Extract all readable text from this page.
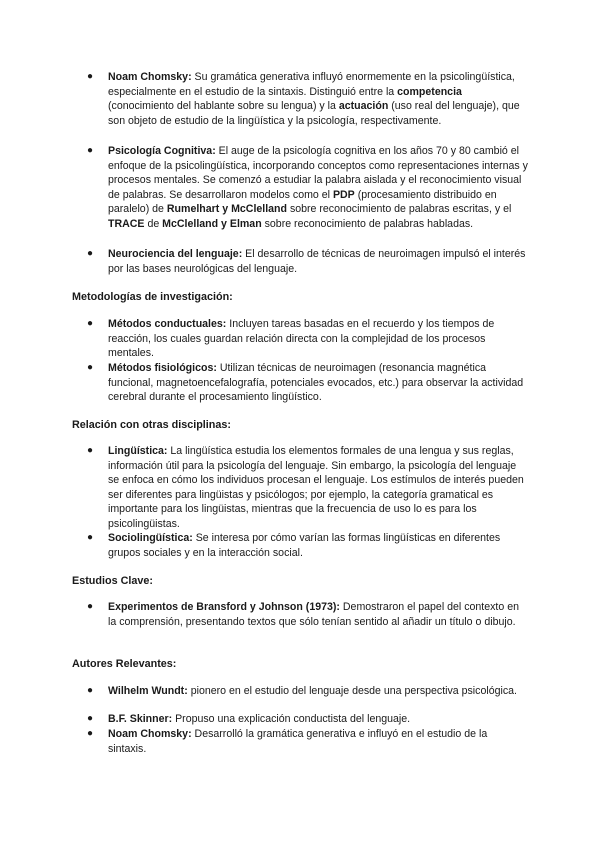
● Noam Chomsky: Su gramática generativa influyó enormemente en la psicolingüística, especialmente en el estudio de la sintaxis. Distinguió entre la competencia (conocimiento del hablante sobre su lengua) y la actuación (uso real del lenguaje), que son objeto de estudio de la lingüística y la psicología, respectivamente.
● Psicología Cognitiva: El auge de la psicología cognitiva en los años 70 y 80 cambió el enfoque de la psicolingüística, incorporando conceptos como representaciones internas y procesos mentales. Se comenzó a estudiar la palabra aislada y el reconocimiento visual de palabras. Se desarrollaron modelos como el PDP (procesamiento distribuido en paralelo) de Rumelhart y McClelland sobre reconocimiento de palabras escritas, y el TRACE de McClelland y Elman sobre reconocimiento de palabras habladas.
● Neurociencia del lenguaje: El desarrollo de técnicas de neuroimagen impulsó el interés por las bases neurológicas del lenguaje.
Metodologías de investigación:
● Métodos conductuales: Incluyen tareas basadas en el recuerdo y los tiempos de reacción, los cuales guardan relación directa con la complejidad de los procesos mentales.
● Métodos fisiológicos: Utilizan técnicas de neuroimagen (resonancia magnética funcional, magnetoencefalografía, potenciales evocados, etc.) para observar la actividad cerebral durante el procesamiento lingüístico.
Relación con otras disciplinas:
● Lingüística: La lingüística estudia los elementos formales de una lengua y sus reglas, información útil para la psicología del lenguaje. Sin embargo, la psicología del lenguaje se enfoca en cómo los individuos procesan el lenguaje. Los estímulos de interés pueden ser diferentes para lingüistas y psicólogos; por ejemplo, la categoría gramatical es importante para los lingüistas, mientras que la frecuencia de uso lo es para los psicolingüistas.
● Sociolingüística: Se interesa por cómo varían las formas lingüísticas en diferentes grupos sociales y en la interacción social.
Estudios Clave:
● Experimentos de Bransford y Johnson (1973): Demostraron el papel del contexto en la comprensión, presentando textos que sólo tenían sentido al añadir un título o dibujo.
Autores Relevantes:
● Wilhelm Wundt: pionero en el estudio del lenguaje desde una perspectiva psicológica.
● B.F. Skinner: Propuso una explicación conductista del lenguaje.
● Noam Chomsky: Desarrolló la gramática generativa e influyó en el estudio de la sintaxis.
